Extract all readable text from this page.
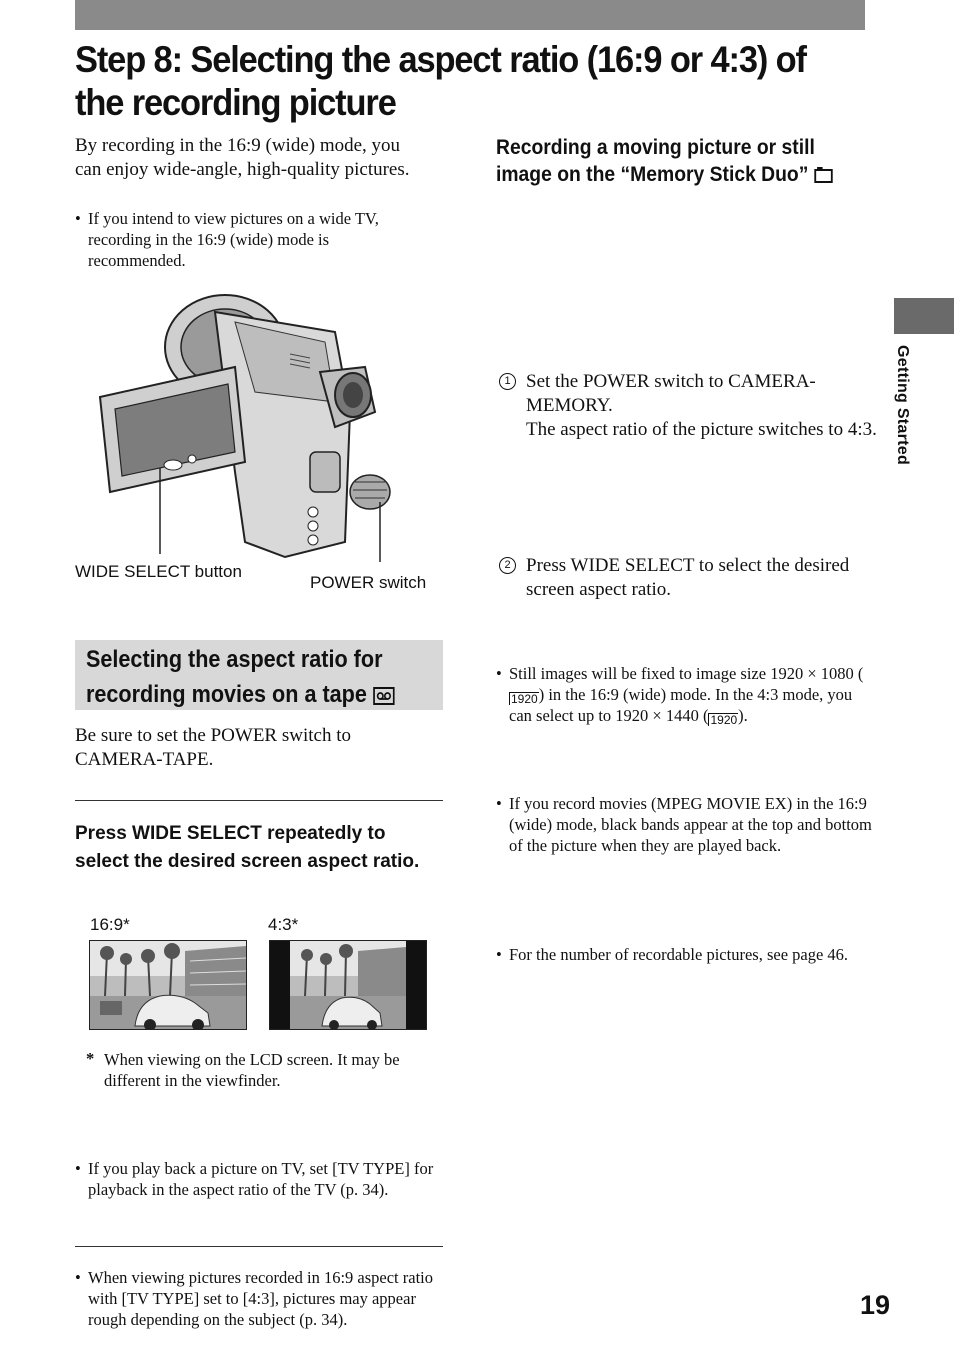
Step 8: Selecting the aspect ratio (16:9 or 4:3) of the recording picture
Getting Started
By recording in the 16:9 (wide) mode, you can enjoy wide-angle, high-quality pictures.
• If you intend to view pictures on a wide TV, recording in the 16:9 (wide) mode is recommended.
WIDE SELECT button
POWER switch
Selecting the aspect ratio for
recording movies on a tape
Be sure to set the POWER switch to CAMERA-TAPE.
Press WIDE SELECT repeatedly to select the desired screen aspect ratio.
16:9*	4:3*
* When viewing on the LCD screen. It may be different in the viewfinder.
• If you play back a picture on TV, set [TV TYPE] for playback in the aspect ratio of the TV (p. 34).
• When viewing pictures recorded in 16:9 aspect ratio with [TV TYPE] set to [4:3], pictures may appear rough depending on the subject (p. 34).
Recording a moving picture or still
image on the “Memory Stick Duo”
1 Set the POWER switch to CAMERA-MEMORY.
The aspect ratio of the picture switches to 4:3.
2 Press WIDE SELECT to select the desired screen aspect ratio.
• Still images will be fixed to image size 1920 × 1080 (1920) in the 16:9 (wide) mode. In the 4:3 mode, you can select up to 1920 × 1440 ( 1920).
• If you record movies (MPEG MOVIE EX) in the 16:9 (wide) mode, black bands appear at the top and bottom of the picture when they are played back.
• For the number of recordable pictures, see page 46.
19
